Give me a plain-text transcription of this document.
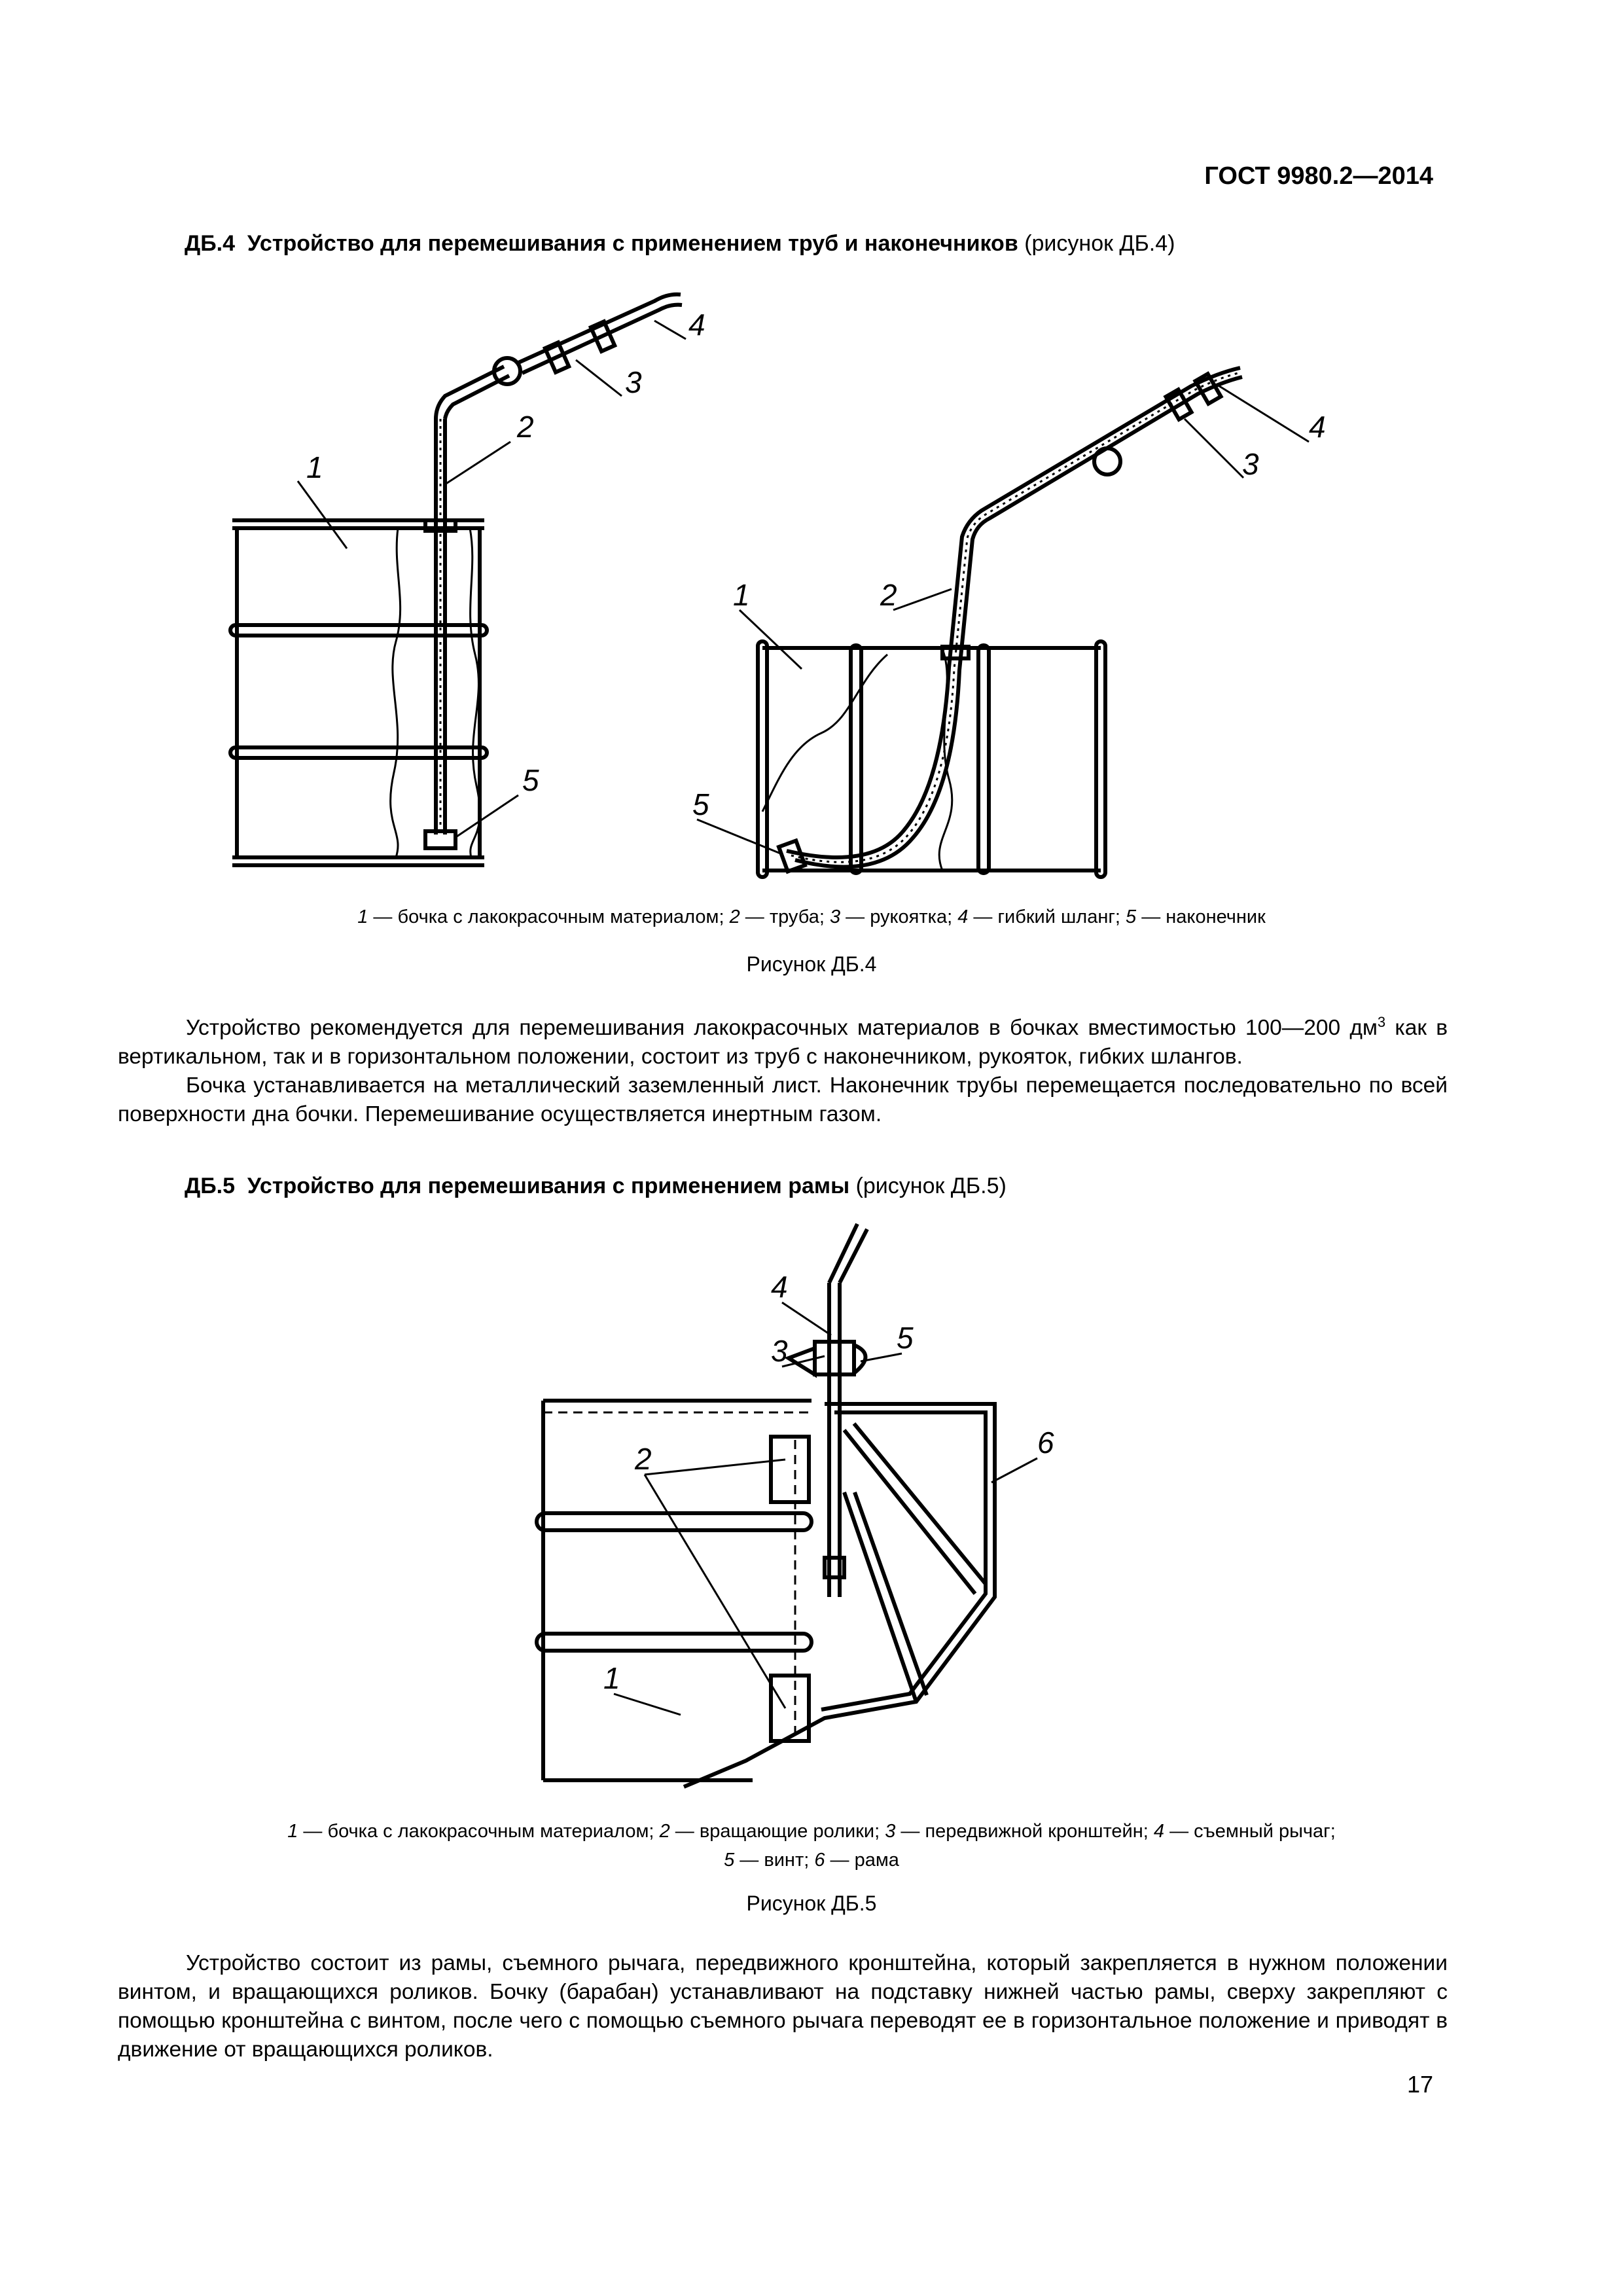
ГОСТ 9980.2—2014
ДБ.4 Устройство для перемешивания с применением труб и наконечников (рисунок ДБ.4)
1
2
3
4
5
1	2
3
4
5
1 — бочка с лакокрасочным материалом; 2 — труба; 3 — рукоятка; 4 — гибкий шланг; 5 — наконечник
Рисунок ДБ.4

Устройство рекомендуется для перемешивания лакокрасочных материалов в бочках вместимостью 100—200 $дм^3$ как в вертикальном, так и в горизонтальном положении, состоит из труб с наконечником, рукояток, гибких шлангов.

Бочка устанавливается на металлический заземленный лист. Наконечник трубы перемещается последовательно по всей поверхности дна бочки. Перемешивание осуществляется инертным газом.

ДБ.5 Устройство для перемешивания с применением рамы (рисунок ДБ.5)
2
1
3
4
5
6
1 — бочка с лакокрасочным материалом; 2 — вращающие ролики; 3 — передвижной кронштейн; 4 — съемный рычаг;
5 — винт; 6 — рама
Рисунок ДБ.5

Устройство состоит из рамы, съемного рычага, передвижного кронштейна, который закрепляется в нужном положении винтом, и вращающихся роликов. Бочку (барабан) устанавливают на подставку нижней частью рамы, сверху закрепляют с помощью кронштейна с винтом, после чего с помощью съемного рычага переводят ее в горизонтальное положение и приводят в движение от вращающихся роликов.

17
